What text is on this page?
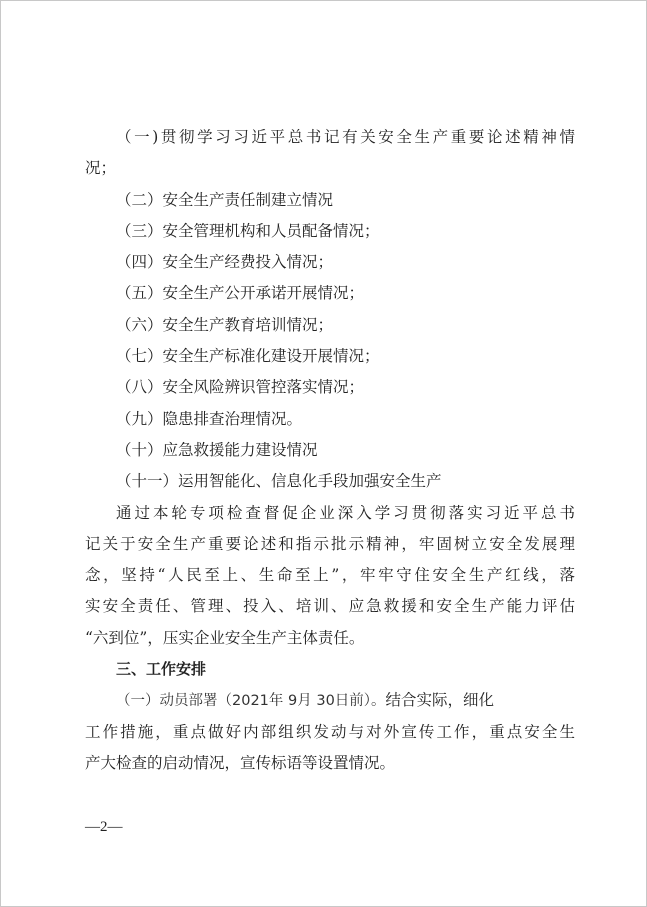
（一)贯彻学习习近平总书记有关安全生产重要论述精神情
况；
（二）安全生产责任制建立情况
（三）安全管理机构和人员配备情况；
（四）安全生产经费投入情况；
（五）安全生产公开承诺开展情况；
（六）安全生产教育培训情况；
（七）安全生产标准化建设开展情况；
（八）安全风险辨识管控落实情况；
（九）隐患排查治理情况。
（十）应急救援能力建设情况
（十一）运用智能化、信息化手段加强安全生产
通过本轮专项检查督促企业深入学习贯彻落实习近平总书
记关于安全生产重要论述和指示批示精神，牢固树立安全发展理
念，坚持“人民至上、生命至上”，牢牢守住安全生产红线，落
实安全责任、管理、投入、培训、应急救援和安全生产能力评估
“六到位”，压实企业安全生产主体责任。
三、工作安排
（一）动员部署（2021年 9月 30日前）。结合实际，细化
工作措施，重点做好内部组织发动与对外宣传工作，重点安全生
产大检查的启动情况，宣传标语等设置情况。
—2—
